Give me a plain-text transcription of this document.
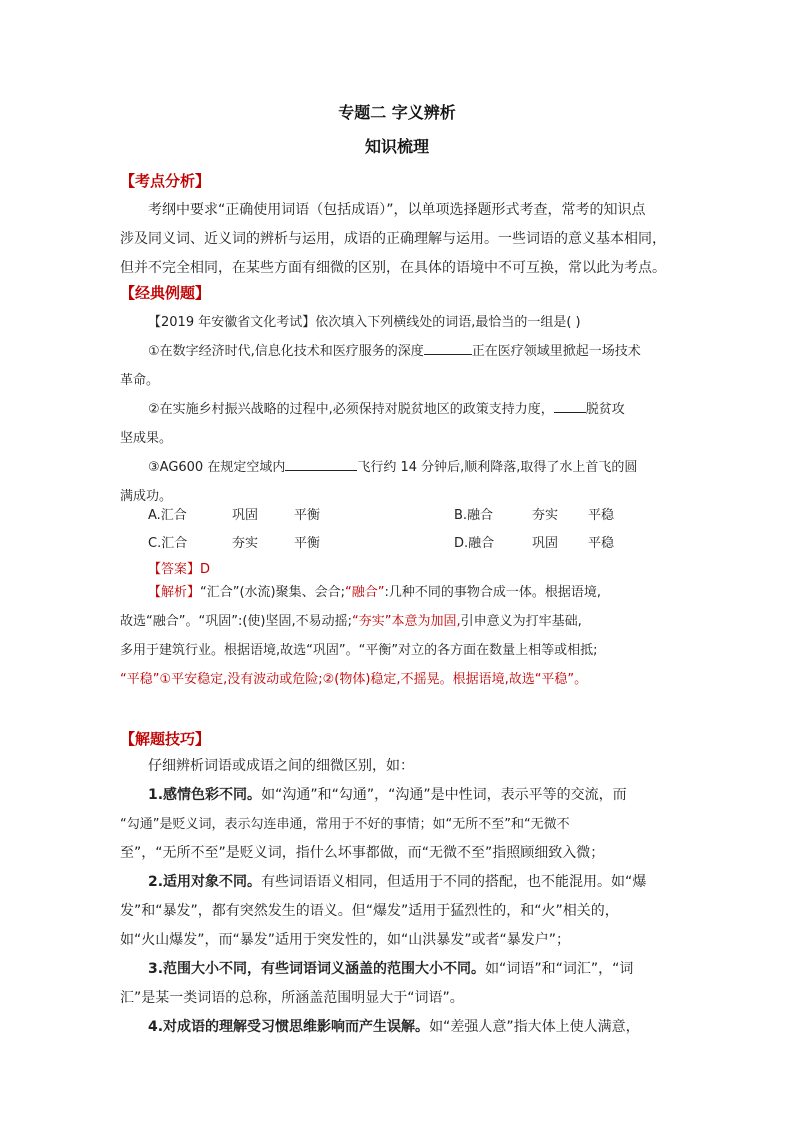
专题二 字义辨析
知识梳理
【考点分析】
考纲中要求“正确使用词语（包括成语）”，以单项选择题形式考查，常考的知识点
涉及同义词、近义词的辨析与运用，成语的正确理解与运用。一些词语的意义基本相同，
但并不完全相同，在某些方面有细微的区别，在具体的语境中不可互换，常以此为考点。
【经典例题】
【2019 年安徽省文化考试】依次填入下列横线处的词语,最恰当的一组是( )
①在数字经济时代,信息化技术和医疗服务的深度	正在医疗领域里掀起一场技术
革命。
②在实施乡村振兴战略的过程中,必须保持对脱贫地区的政策支持力度， 脱贫攻
坚成果。
③AG600 在规定空域内	飞行约 14 分钟后,顺利降落,取得了水上首飞的圆
满成功。
A.汇合	巩固	平衡	B.融合	夯实 平稳
C.汇合	夯实	平衡	D.融合	巩固 平稳
【答案】D
【解析】“汇合”(水流)聚集、会合;“融合”:几种不同的事物合成一体。根据语境,
故选“融合”。“巩固”:(使)坚固,不易动摇;“夯实”本意为加固,引申意义为打牢基础,
多用于建筑行业。根据语境,故选“巩固”。“平衡”对立的各方面在数量上相等或相抵;
“平稳”①平安稳定,没有波动或危险;②(物体)稳定,不摇晃。根据语境,故选“平稳”。
【解题技巧】
仔细辨析词语或成语之间的细微区别，如：
1.感情色彩不同。如“沟通”和“勾通”，“沟通”是中性词，表示平等的交流，而
“勾通”是贬义词，表示勾连串通，常用于不好的事情；如“无所不至”和“无微不
至”，“无所不至”是贬义词，指什么坏事都做，而“无微不至”指照顾细致入微；
2.适用对象不同。有些词语语义相同，但适用于不同的搭配，也不能混用。如“爆
发”和“暴发”，都有突然发生的语义。但“爆发”适用于猛烈性的，和“火”相关的，
如“火山爆发”，而“暴发”适用于突发性的，如“山洪暴发”或者“暴发户”；
3.范围大小不同，有些词语词义涵盖的范围大小不同。如“词语”和“词汇”，“词
汇”是某一类词语的总称，所涵盖范围明显大于“词语”。
4.对成语的理解受习惯思维影响而产生误解。如“差强人意”指大体上使人满意，
